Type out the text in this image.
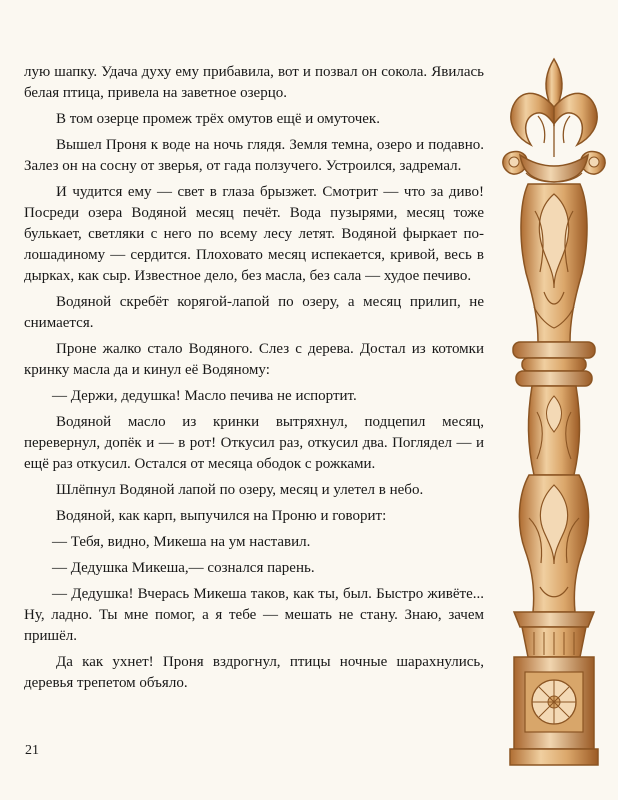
лую шапку. Удача духу ему прибавила, вот и позвал он сокола. Явилась белая птица, привела на заветное озерцо.

В том озерце промеж трёх омутов ещё и омуточек.

Вышел Проня к воде на ночь глядя. Земля темна, озеро и подавно. Залез он на сосну от зверья, от гада ползучего. Устроился, задремал.

И чудится ему — свет в глаза брызжет. Смотрит — что за диво! Посреди озера Водяной месяц печёт. Вода пузырями, месяц тоже булькает, светляки с него по всему лесу летят. Водяной фыркает по-лошадиному — сердится. Плоховато месяц испекается, кривой, весь в дырках, как сыр. Известное дело, без масла, без сала — худое печиво.

Водяной скребёт корягой-лапой по озеру, а месяц прилип, не снимается.

Проне жалко стало Водяного. Слез с дерева. Достал из котомки кринку масла да и кинул её Водяному:

— Держи, дедушка! Масло печива не испортит.

Водяной масло из кринки вытряхнул, подцепил месяц, перевернул, допёк и — в рот! Откусил раз, откусил два. Поглядел — и ещё раз откусил. Остался от месяца ободок с рожками.

Шлёпнул Водяной лапой по озеру, месяц и улетел в небо.

Водяной, как карп, выпучился на Проню и говорит:

— Тебя, видно, Микеша на ум наставил.

— Дедушка Микеша,— сознался парень.

— Дедушка! Вчерась Микеша таков, как ты, был. Быстро живёте... Ну, ладно. Ты мне помог, а я тебе — мешать не стану. Знаю, зачем пришёл.

Да как ухнет! Проня вздрогнул, птицы ночные шарахнулись, деревья трепетом объяло.

21
